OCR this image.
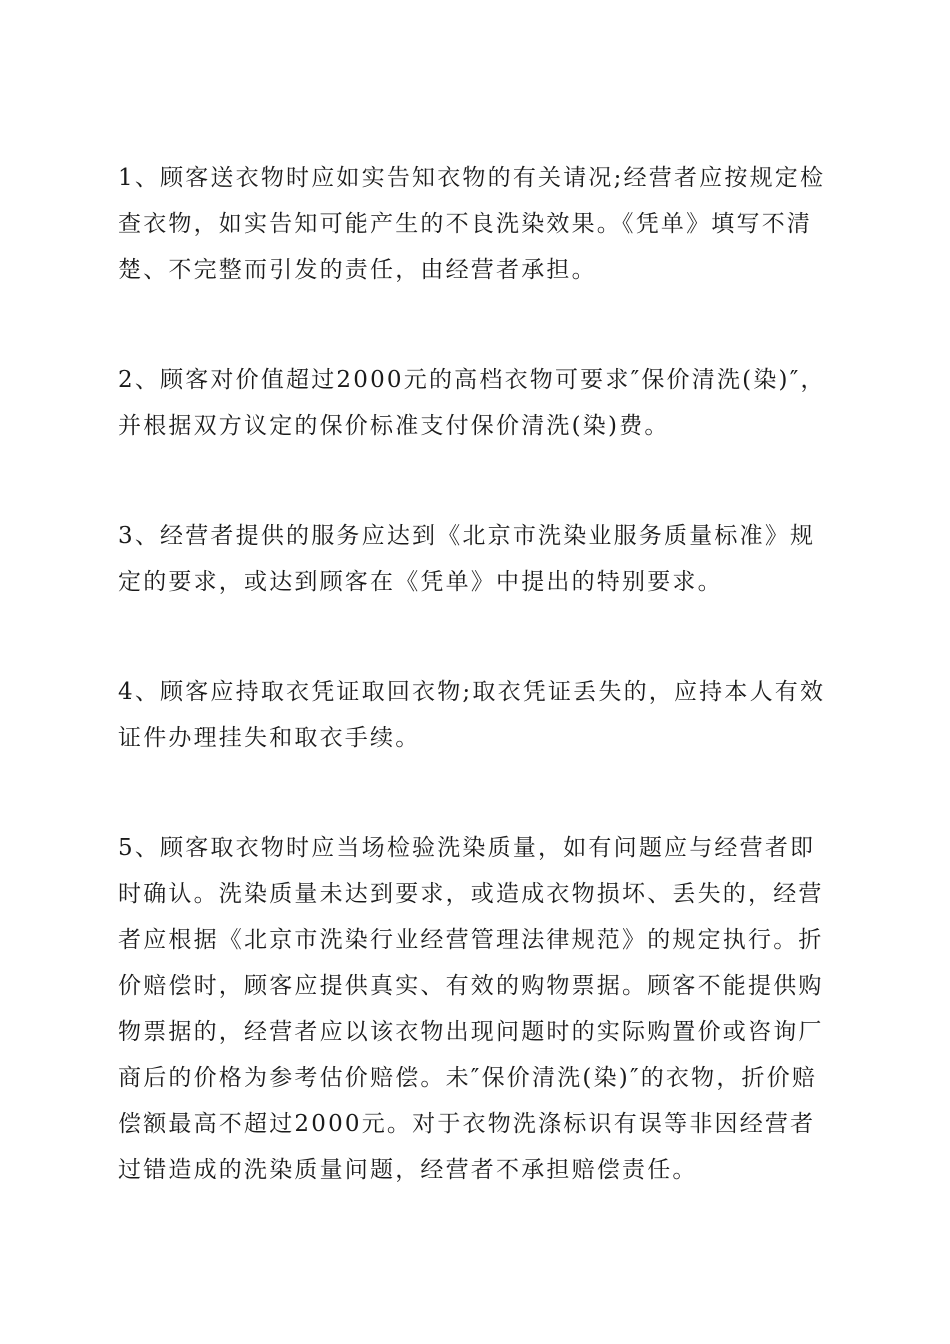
1、顾客送衣物时应如实告知衣物的有关请况;经营者应按规定检查衣物，如实告知可能产生的不良洗染效果。《凭单》填写不清楚、不完整而引发的责任，由经营者承担。

2、顾客对价值超过2000元的高档衣物可要求″保价清洗(染)″，并根据双方议定的保价标准支付保价清洗(染)费。

3、经营者提供的服务应达到《北京市洗染业服务质量标准》规定的要求，或达到顾客在《凭单》中提出的特别要求。

4、顾客应持取衣凭证取回衣物;取衣凭证丢失的，应持本人有效证件办理挂失和取衣手续。

5、顾客取衣物时应当场检验洗染质量，如有问题应与经营者即时确认。洗染质量未达到要求，或造成衣物损坏、丢失的，经营者应根据《北京市洗染行业经营管理法律规范》的规定执行。折价赔偿时，顾客应提供真实、有效的购物票据。顾客不能提供购物票据的，经营者应以该衣物出现问题时的实际购置价或咨询厂商后的价格为参考估价赔偿。未″保价清洗(染)″的衣物，折价赔偿额最高不超过2000元。对于衣物洗涤标识有误等非因经营者过错造成的洗染质量问题，经营者不承担赔偿责任。
